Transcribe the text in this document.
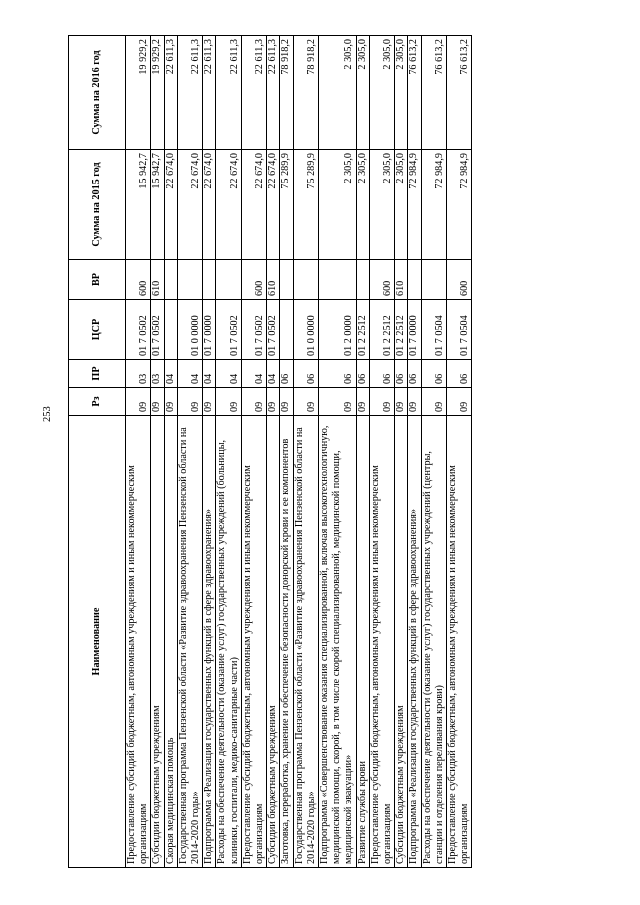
253
Наименование	Рз	ПР	ЦСР	ВР	Сумма на 2015 год	Сумма на 2016 год
Предоставление субсидий бюджетным, автономным учреждениям и иным некоммерческим организациям	09	03	01 7 0502	600	15 942,7	19 929,2
Субсидии бюджетным учреждениям	09	03	01 7 0502	610	15 942,7	19 929,2
Скорая медицинская помощь	09	04			22 674,0	22 611,3
Государственная программа Пензенской области «Развитие здравоохранения Пензенской области на 2014-2020 годы»	09	04	01 0 0000		22 674,0	22 611,3
Подпрограмма «Реализация государственных функций в сфере здравоохранения»	09	04	01 7 0000		22 674,0	22 611,3
Расходы на обеспечение деятельности (оказание услуг) государственных учреждений (больницы, клиники, госпитали, медико-санитарные части)	09	04	01 7 0502		22 674,0	22 611,3
Предоставление субсидий бюджетным, автономным учреждениям и иным некоммерческим организациям	09	04	01 7 0502	600	22 674,0	22 611,3
Субсидии бюджетным учреждениям	09	04	01 7 0502	610	22 674,0	22 611,3
Заготовка, переработка, хранение и обеспечение безопасности донорской крови и ее компонентов	09	06			75 289,9	78 918,2
Государственная программа Пензенской области «Развитие здравоохранения Пензенской области на 2014-2020 годы»	09	06	01 0 0000		75 289,9	78 918,2
Подпрограмма «Совершенствование оказания специализированной, включая высокотехнологичную, медицинской помощи, скорой, в том числе скорой специализированной, медицинской помощи, медицинской эвакуации»	09	06	01 2 0000		2 305,0	2 305,0
Развитие службы крови	09	06	01 2 2512		2 305,0	2 305,0
Предоставление субсидий бюджетным, автономным учреждениям и иным некоммерческим организациям	09	06	01 2 2512	600	2 305,0	2 305,0
Субсидии бюджетным учреждениям	09	06	01 2 2512	610	2 305,0	2 305,0
Подпрограмма «Реализация государственных функций в сфере здравоохранения»	09	06	01 7 0000		72 984,9	76 613,2
Расходы на обеспечение деятельности (оказание услуг) государственных учреждений (центры, станции и отделения переливания крови)	09	06	01 7 0504		72 984,9	76 613,2
Предоставление субсидий бюджетным, автономным учреждениям и иным некоммерческим организациям	09	06	01 7 0504	600	72 984,9	76 613,2
